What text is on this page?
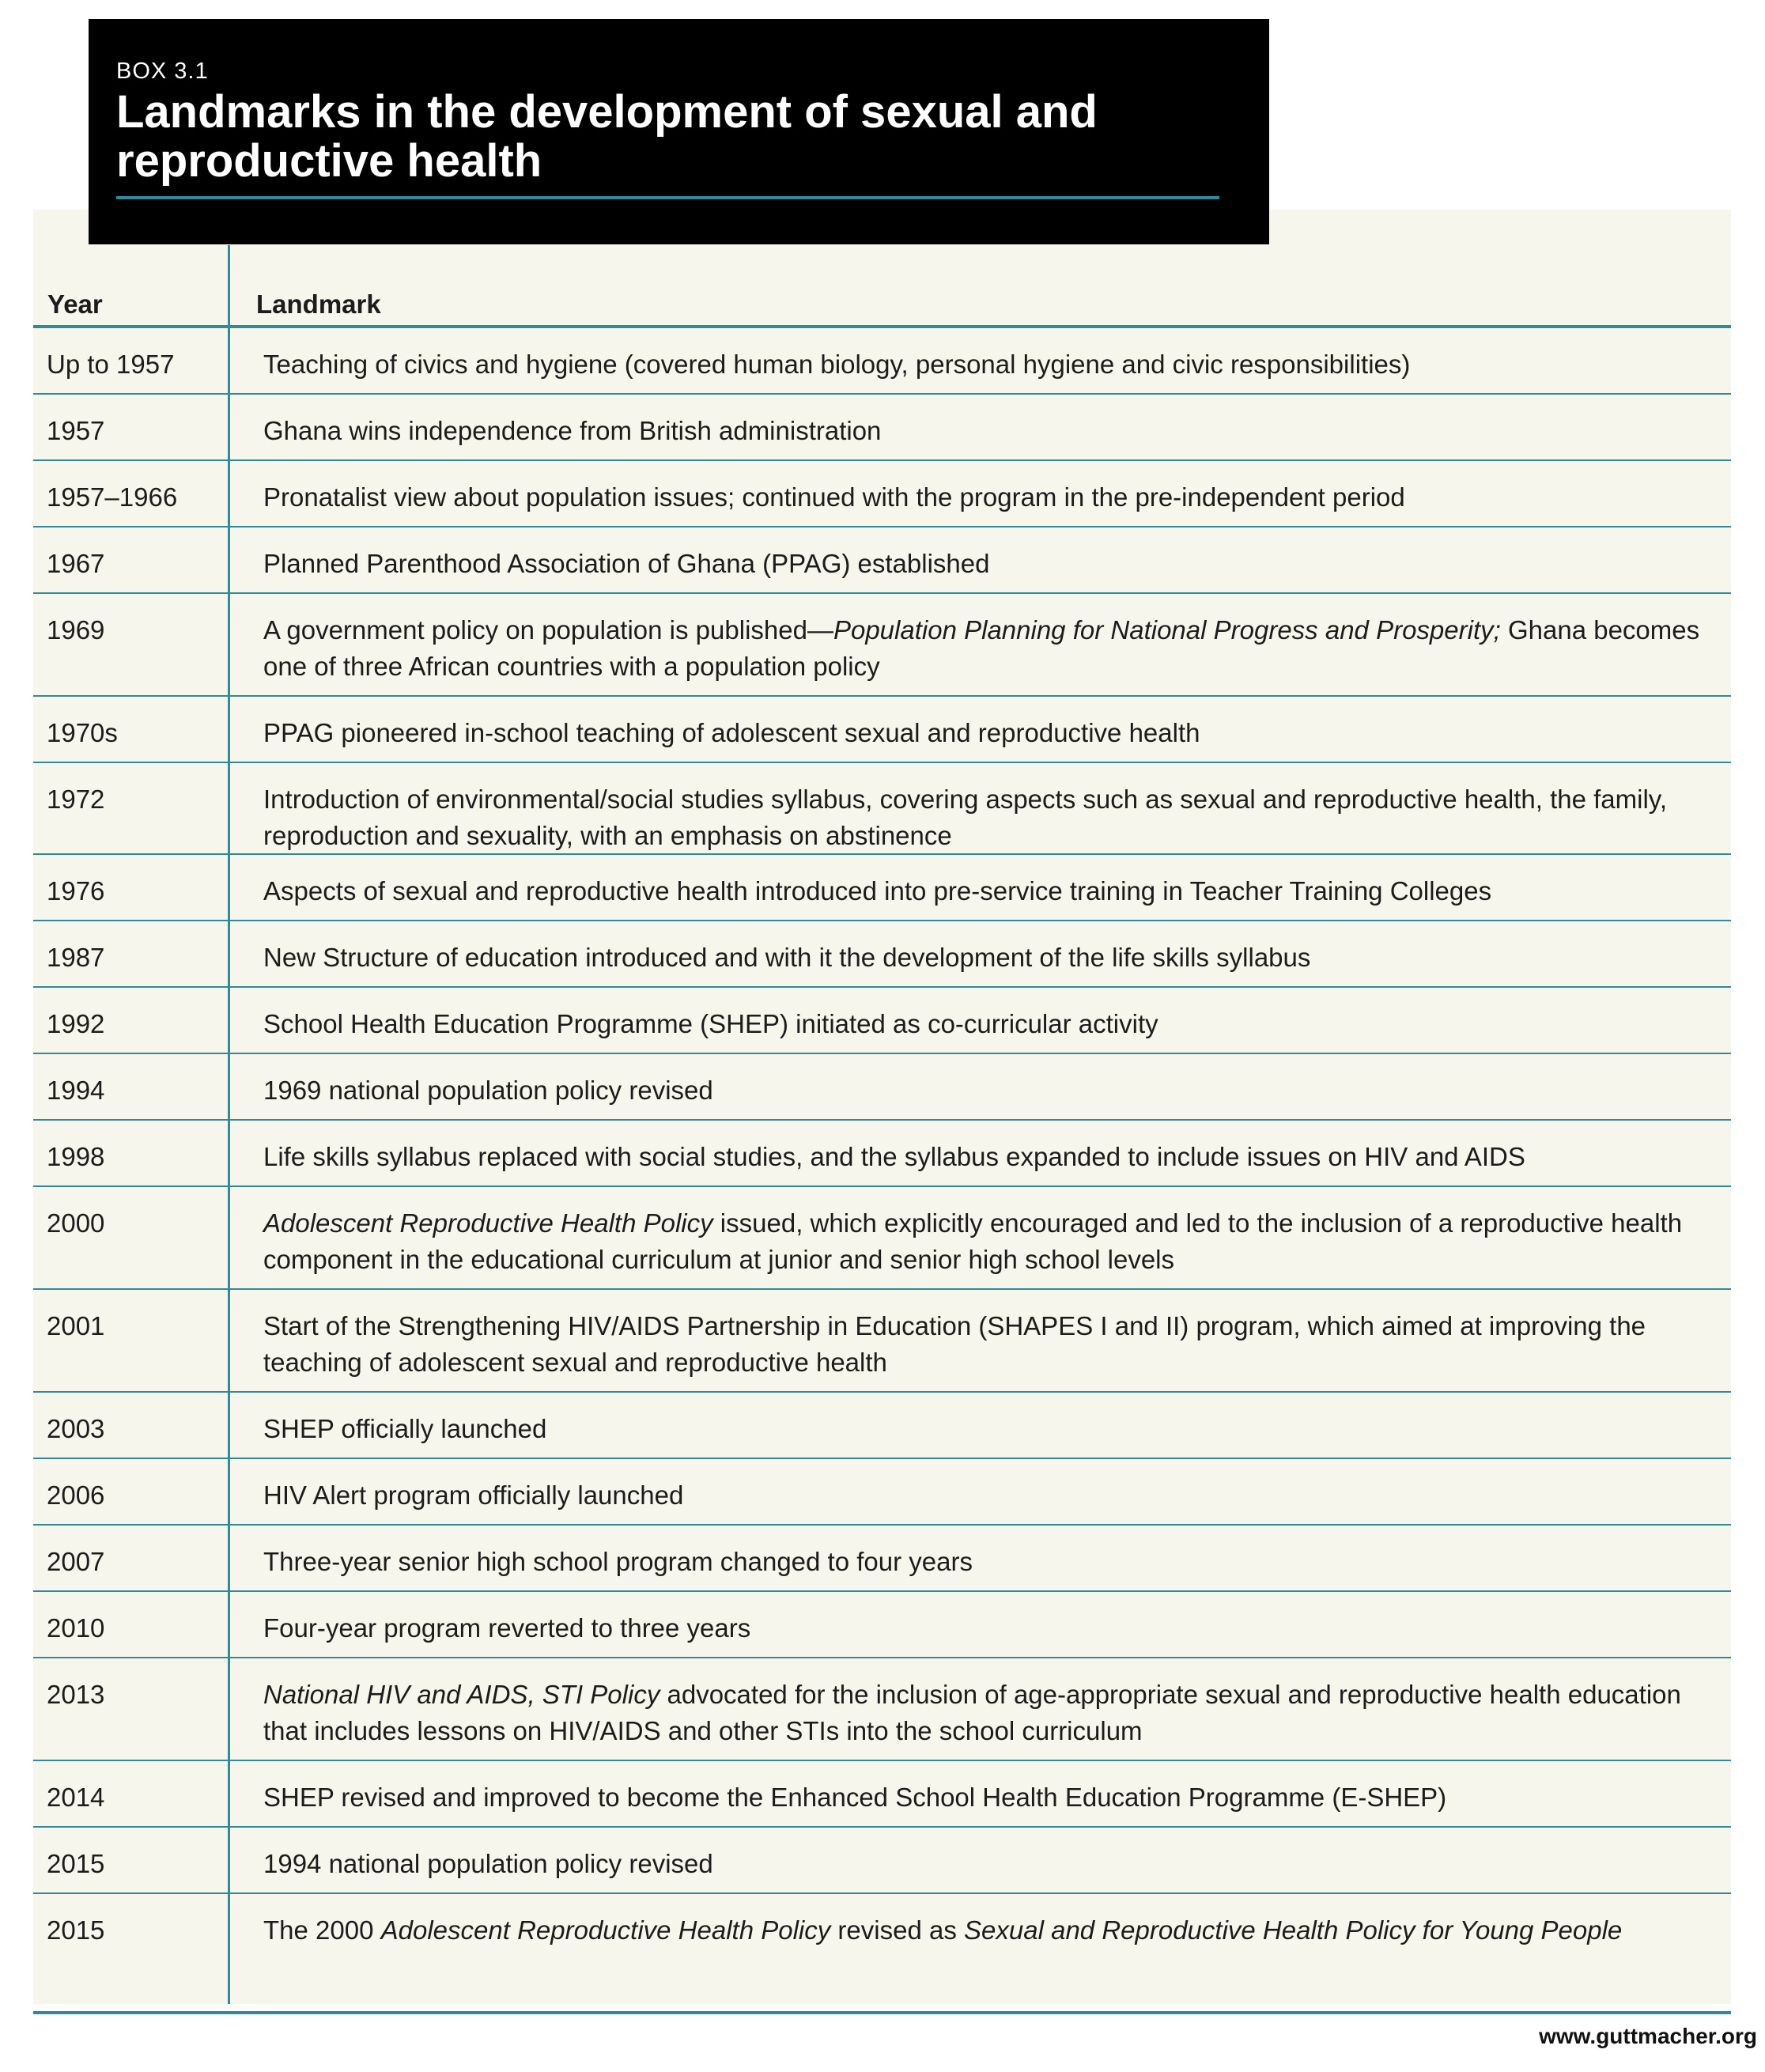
BOX 3.1
Landmarks in the development of sexual and reproductive health
Year	Landmark
Up to 1957	Teaching of civics and hygiene (covered human biology, personal hygiene and civic responsibilities)
1957	Ghana wins independence from British administration
1957–1966	Pronatalist view about population issues; continued with the program in the pre-independent period
1967	Planned Parenthood Association of Ghana (PPAG) established
1969	A government policy on population is published—Population Planning for National Progress and Prosperity; Ghana becomes one of three African countries with a population policy
1970s	PPAG pioneered in-school teaching of adolescent sexual and reproductive health
1972	Introduction of environmental/social studies syllabus, covering aspects such as sexual and reproductive health, the family, reproduction and sexuality, with an emphasis on abstinence
1976	Aspects of sexual and reproductive health introduced into pre-service training in Teacher Training Colleges
1987	New Structure of education introduced and with it the development of the life skills syllabus
1992	School Health Education Programme (SHEP) initiated as co-curricular activity
1994	1969 national population policy revised
1998	Life skills syllabus replaced with social studies, and the syllabus expanded to include issues on HIV and AIDS
2000	Adolescent Reproductive Health Policy issued, which explicitly encouraged and led to the inclusion of a reproductive health component in the educational curriculum at junior and senior high school levels
2001	Start of the Strengthening HIV/AIDS Partnership in Education (SHAPES I and II) program, which aimed at improving the teaching of adolescent sexual and reproductive health
2003	SHEP officially launched
2006	HIV Alert program officially launched
2007	Three-year senior high school program changed to four years
2010	Four-year program reverted to three years
2013	National HIV and AIDS, STI Policy advocated for the inclusion of age-appropriate sexual and reproductive health education that includes lessons on HIV/AIDS and other STIs into the school curriculum
2014	SHEP revised and improved to become the Enhanced School Health Education Programme (E-SHEP)
2015	1994 national population policy revised
2015	The 2000 Adolescent Reproductive Health Policy revised as Sexual and Reproductive Health Policy for Young People
www.guttmacher.org
